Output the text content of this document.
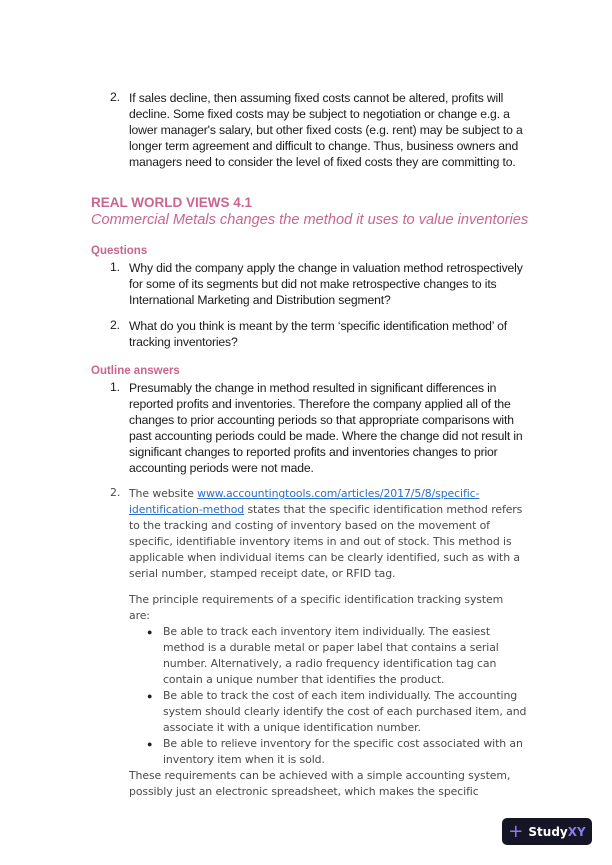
REAL WORLD VIEWS 4.1
Commercial Metals changes the method it uses to value inventories
Questions
Outline answers
2. The website www.accountingtools.com/articles/2017/5/8/specific-
identification-method states that the specific identification method refers
to the tracking and costing of inventory based on the movement of
specific, identifiable inventory items in and out of stock. This method is
applicable when individual items can be clearly identified, such as with a
serial number, stamped receipt date, or RFID tag.
+ StudyXY
2. If sales decline, then assuming fixed costs cannot be altered, profits will
decline. Some fixed costs may be subject to negotiation or change e.g. a
lower manager's salary, but other fixed costs (e.g. rent) may be subject to a
longer term agreement and difficult to change. Thus, business owners and
managers need to consider the level of fixed costs they are committing to.
1. Why did the company apply the change in valuation method retrospectively
for some of its segments but did not make retrospective changes to its
International Marketing and Distribution segment?
2. What do you think is meant by the term ‘specific identification method’ of
tracking inventories?
1. Presumably the change in method resulted in significant differences in
reported profits and inventories. Therefore the company applied all of the
changes to prior accounting periods so that appropriate comparisons with
past accounting periods could be made. Where the change did not result in
significant changes to reported profits and inventories changes to prior
accounting periods were not made.
The principle requirements of a specific identification tracking system
are:
Be able to track each inventory item individually. The easiest
method is a durable metal or paper label that contains a serial
number. Alternatively, a radio frequency identification tag can
contain a unique number that identifies the product.
●
Be able to track the cost of each item individually. The accounting
system should clearly identify the cost of each purchased item, and
associate it with a unique identification number.
●
Be able to relieve inventory for the specific cost associated with an
inventory item when it is sold.
●
These requirements can be achieved with a simple accounting system,
possibly just an electronic spreadsheet, which makes the specific
